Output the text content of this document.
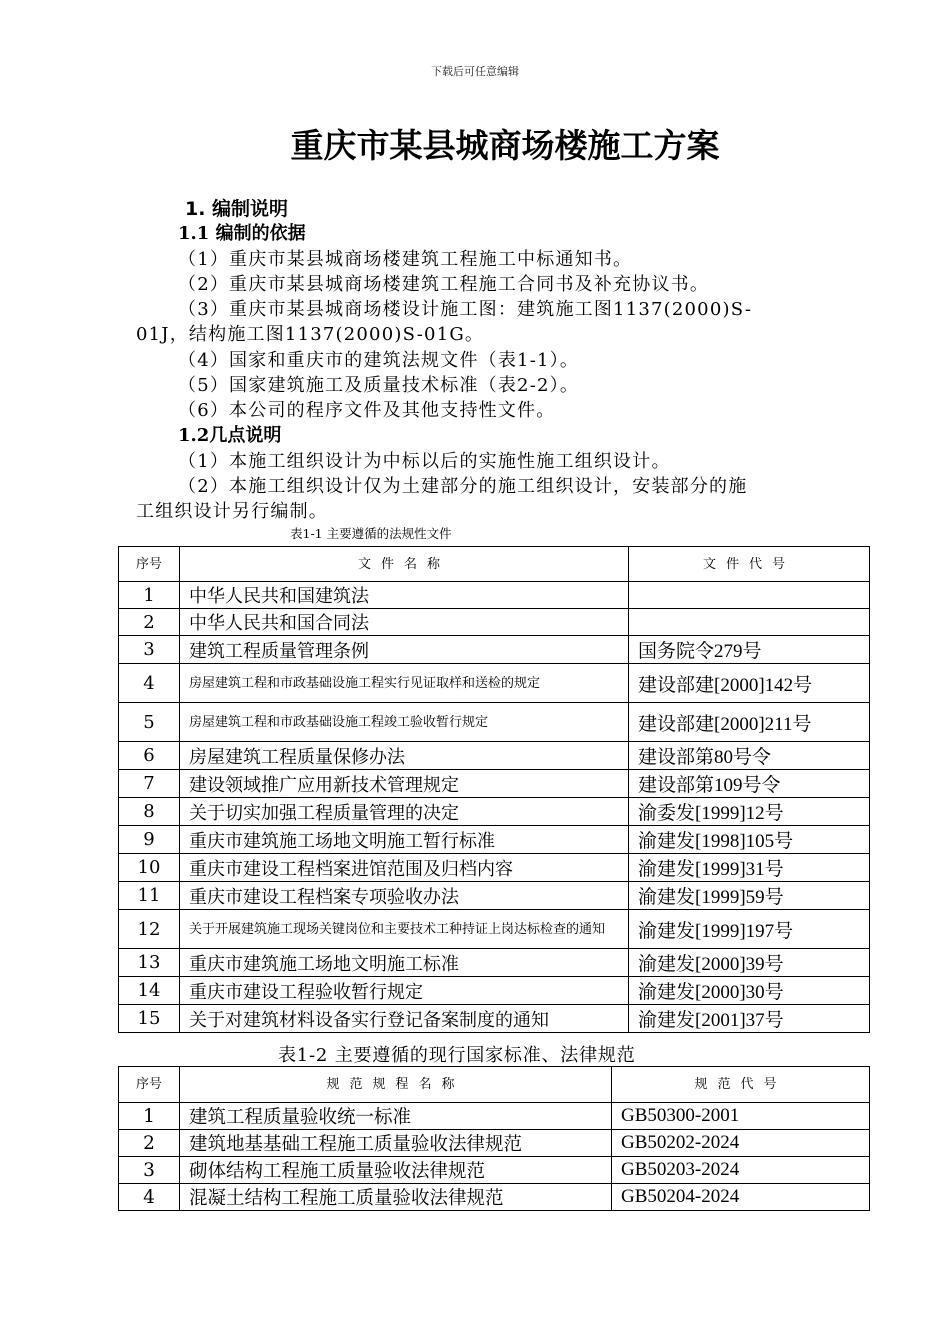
下载后可任意编辑
重庆市某县城商场楼施工方案
1. 编制说明
1.1 编制的依据
（1）重庆市某县城商场楼建筑工程施工中标通知书。
（2）重庆市某县城商场楼建筑工程施工合同书及补充协议书。
（3）重庆市某县城商场楼设计施工图：建筑施工图1137(2000)S-
01J，结构施工图1137(2000)S-01G。
（4）国家和重庆市的建筑法规文件（表1-1）。
（5）国家建筑施工及质量技术标准（表2-2）。
（6）本公司的程序文件及其他支持性文件。
1.2几点说明
（1）本施工组织设计为中标以后的实施性施工组织设计。
（2）本施工组织设计仅为土建部分的施工组织设计，安装部分的施
工组织设计另行编制。
表1-1 主要遵循的法规性文件
序号	文件名称	文件代号
1	中华人民共和国建筑法	
2	中华人民共和国合同法	
3	建筑工程质量管理条例	国务院令279号
4	房屋建筑工程和市政基础设施工程实行见证取样和送检的规定	建设部建[2000]142号
5	房屋建筑工程和市政基础设施工程竣工验收暂行规定	建设部建[2000]211号
6	房屋建筑工程质量保修办法	建设部第80号令
7	建设领域推广应用新技术管理规定	建设部第109号令
8	关于切实加强工程质量管理的决定	渝委发[1999]12号
9	重庆市建筑施工场地文明施工暂行标准	渝建发[1998]105号
10	重庆市建设工程档案进馆范围及归档内容	渝建发[1999]31号
11	重庆市建设工程档案专项验收办法	渝建发[1999]59号
12	关于开展建筑施工现场关键岗位和主要技术工种持证上岗达标检查的通知	渝建发[1999]197号
13	重庆市建筑施工场地文明施工标准	渝建发[2000]39号
14	重庆市建设工程验收暂行规定	渝建发[2000]30号
15	关于对建筑材料设备实行登记备案制度的通知	渝建发[2001]37号
表1-2 主要遵循的现行国家标准、法律规范
序号	规范规程名称	规范代号
1	建筑工程质量验收统一标准	GB50300-2001
2	建筑地基基础工程施工质量验收法律规范	GB50202-2024
3	砌体结构工程施工质量验收法律规范	GB50203-2024
4	混凝土结构工程施工质量验收法律规范	GB50204-2024
